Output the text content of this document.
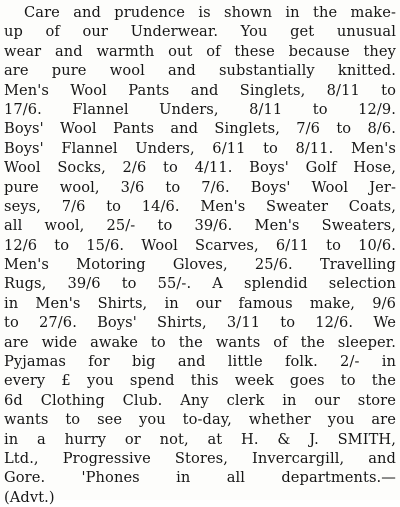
Care and prudence is shown in the make-
up of our Underwear. You get unusual
wear and warmth out of these because they
are pure wool and substantially knitted.
Men's Wool Pants and Singlets, 8/11 to
17/6. Flannel Unders, 8/11 to 12/9.
Boys' Wool Pants and Singlets, 7/6 to 8/6.
Boys' Flannel Unders, 6/11 to 8/11. Men's
Wool Socks, 2/6 to 4/11. Boys' Golf Hose,
pure wool, 3/6 to 7/6. Boys' Wool Jer-
seys, 7/6 to 14/6. Men's Sweater Coats,
all wool, 25/- to 39/6. Men's Sweaters,
12/6 to 15/6. Wool Scarves, 6/11 to 10/6.
Men's Motoring Gloves, 25/6. Travelling
Rugs, 39/6 to 55/-. A splendid selection
in Men's Shirts, in our famous make, 9/6
to 27/6. Boys' Shirts, 3/11 to 12/6. We
are wide awake to the wants of the sleeper.
Pyjamas for big and little folk. 2/- in
every £ you spend this week goes to the
6d Clothing Club. Any clerk in our store
wants to see you to-day, whether you are
in a hurry or not, at H. & J. SMITH,
Ltd., Progressive Stores, Invercargill, and
Gore. 'Phones in all departments.—
(Advt.)
